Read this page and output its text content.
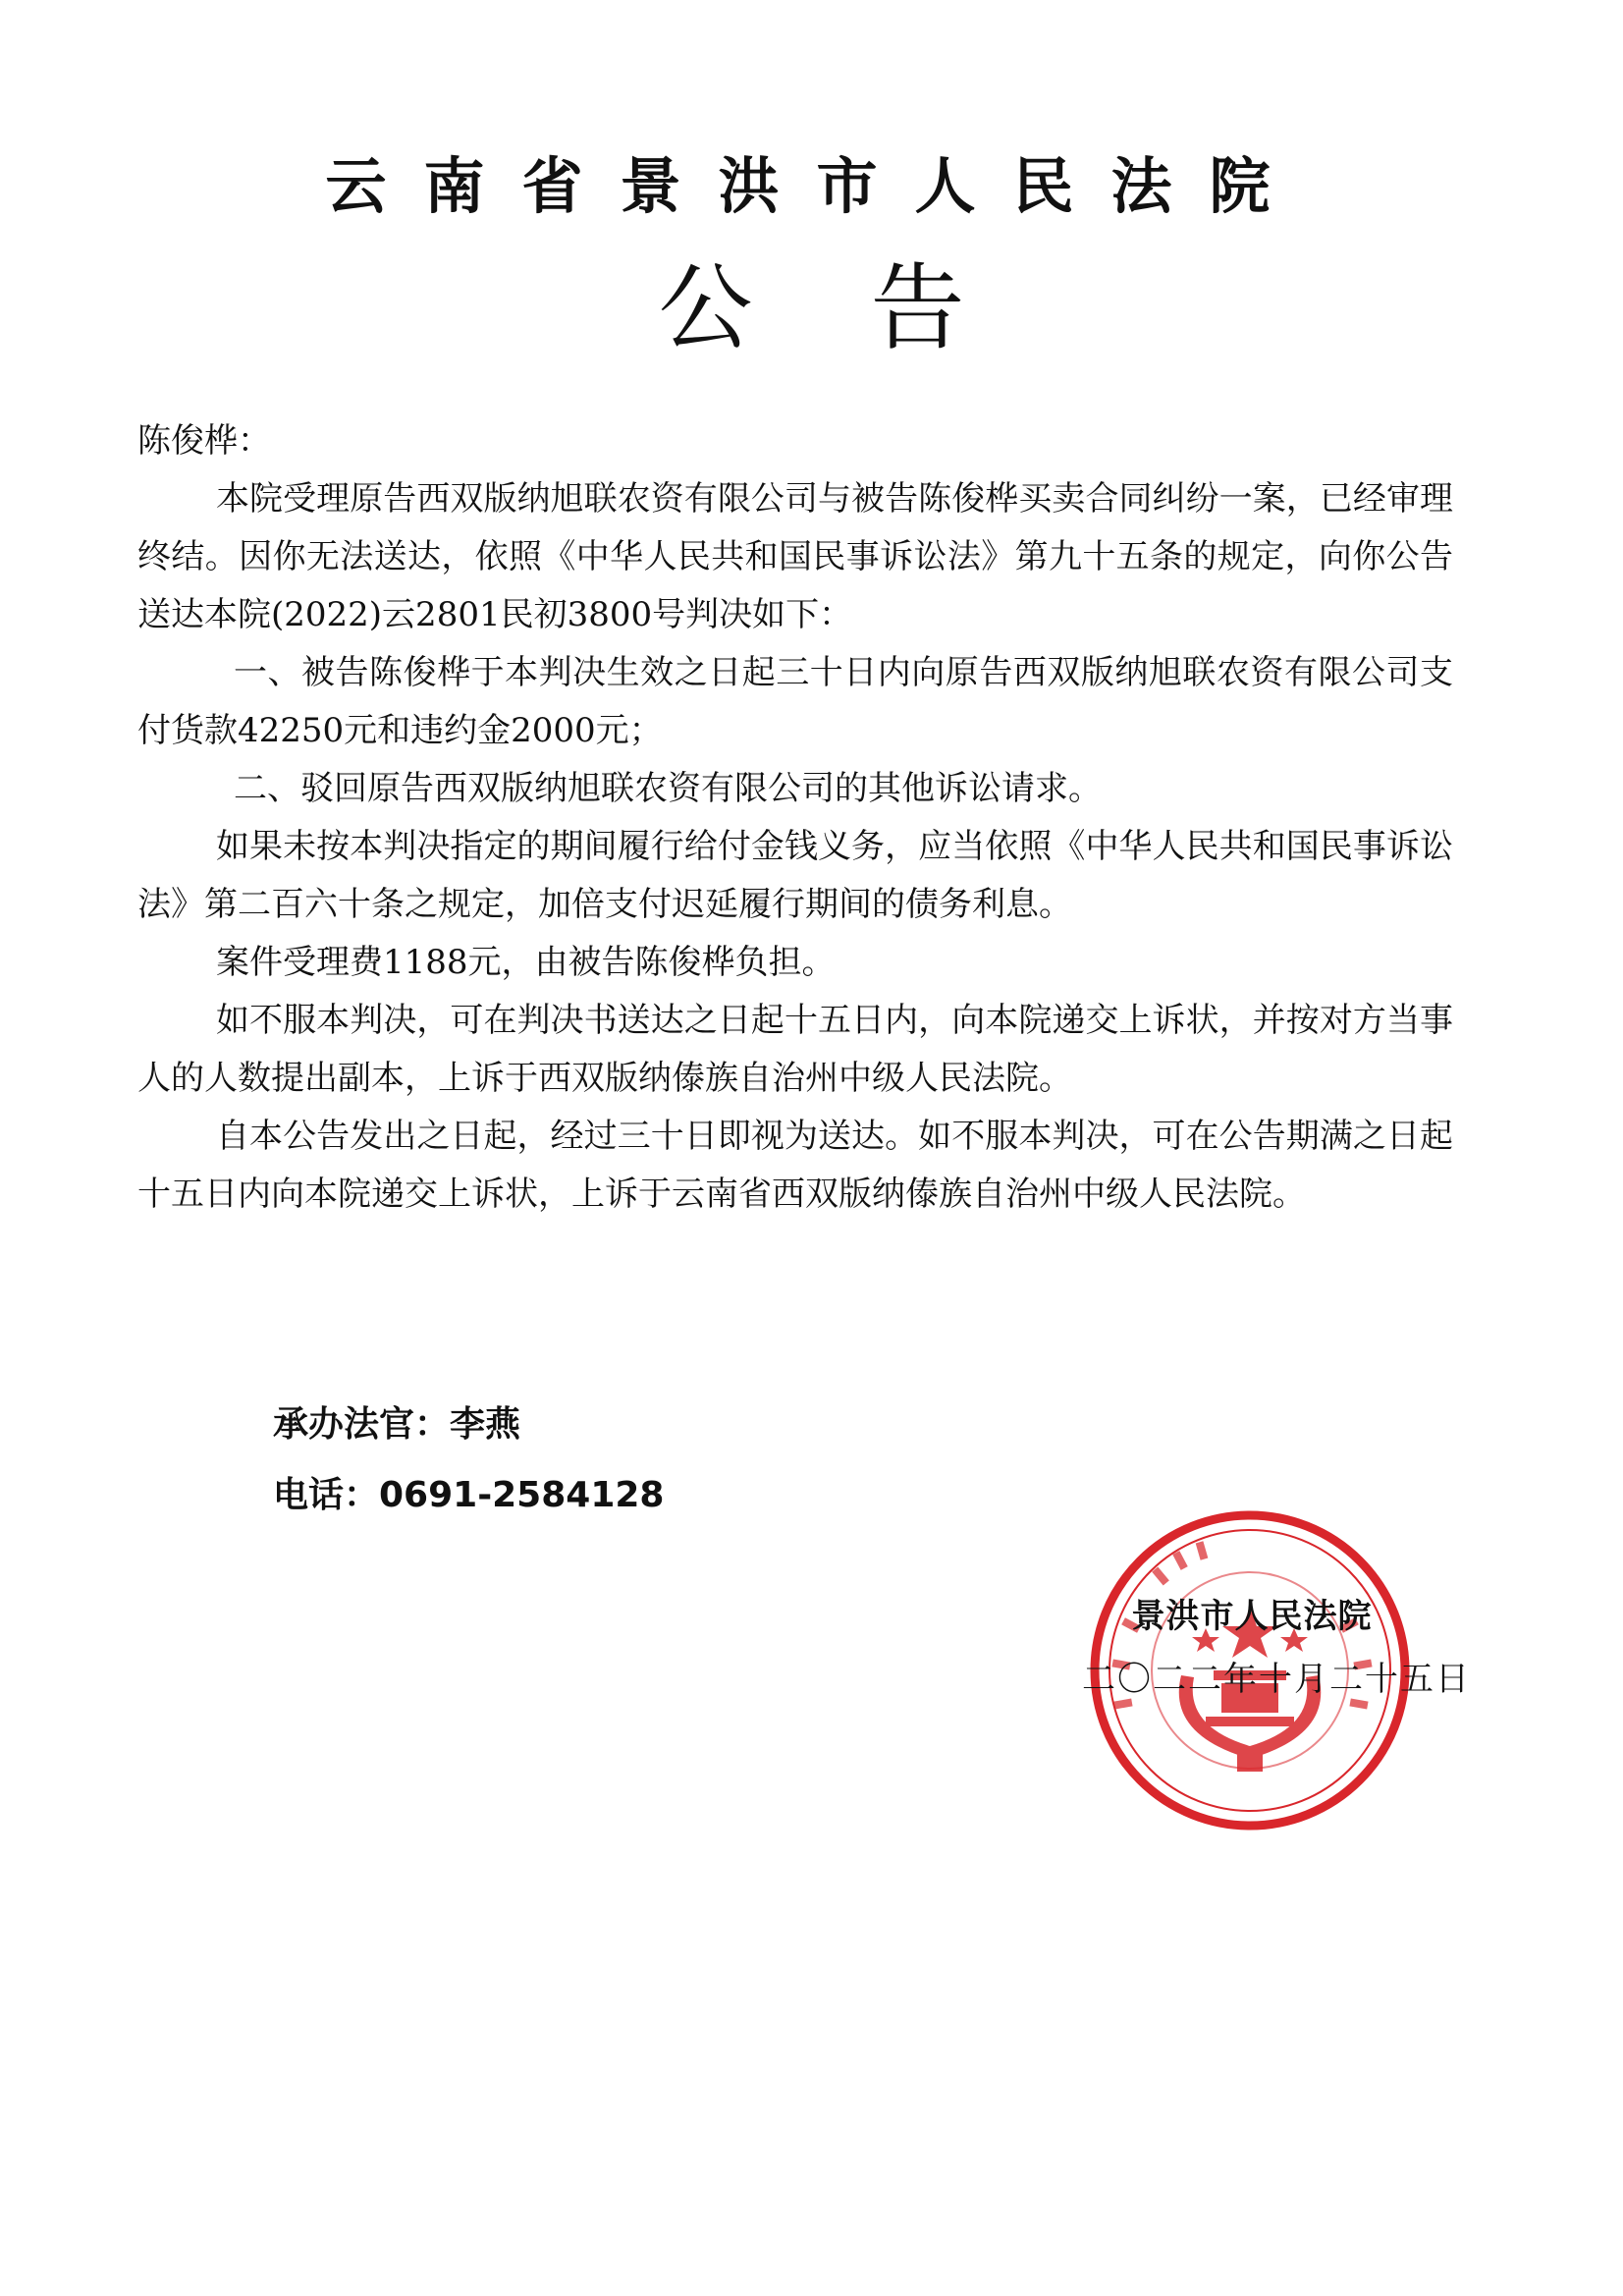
云南省景洪市人民法院
公告

陈俊桦：

本院受理原告西双版纳旭联农资有限公司与被告陈俊桦买卖合同纠纷一案，已经审理终结。因你无法送达，依照《中华人民共和国民事诉讼法》第九十五条的规定，向你公告送达本院(2022)云2801民初3800号判决如下：

一、被告陈俊桦于本判决生效之日起三十日内向原告西双版纳旭联农资有限公司支付货款42250元和违约金2000元；

二、驳回原告西双版纳旭联农资有限公司的其他诉讼请求。

如果未按本判决指定的期间履行给付金钱义务，应当依照《中华人民共和国民事诉讼法》第二百六十条之规定，加倍支付迟延履行期间的债务利息。

案件受理费1188元，由被告陈俊桦负担。

如不服本判决，可在判决书送达之日起十五日内，向本院递交上诉状，并按对方当事人的人数提出副本，上诉于西双版纳傣族自治州中级人民法院。

自本公告发出之日起，经过三十日即视为送达。如不服本判决，可在公告期满之日起十五日内向本院递交上诉状，上诉于云南省西双版纳傣族自治州中级人民法院。

承办法官：李燕
电话：0691-2584128
景洪市人民法院
二〇二二年十月二十五日
